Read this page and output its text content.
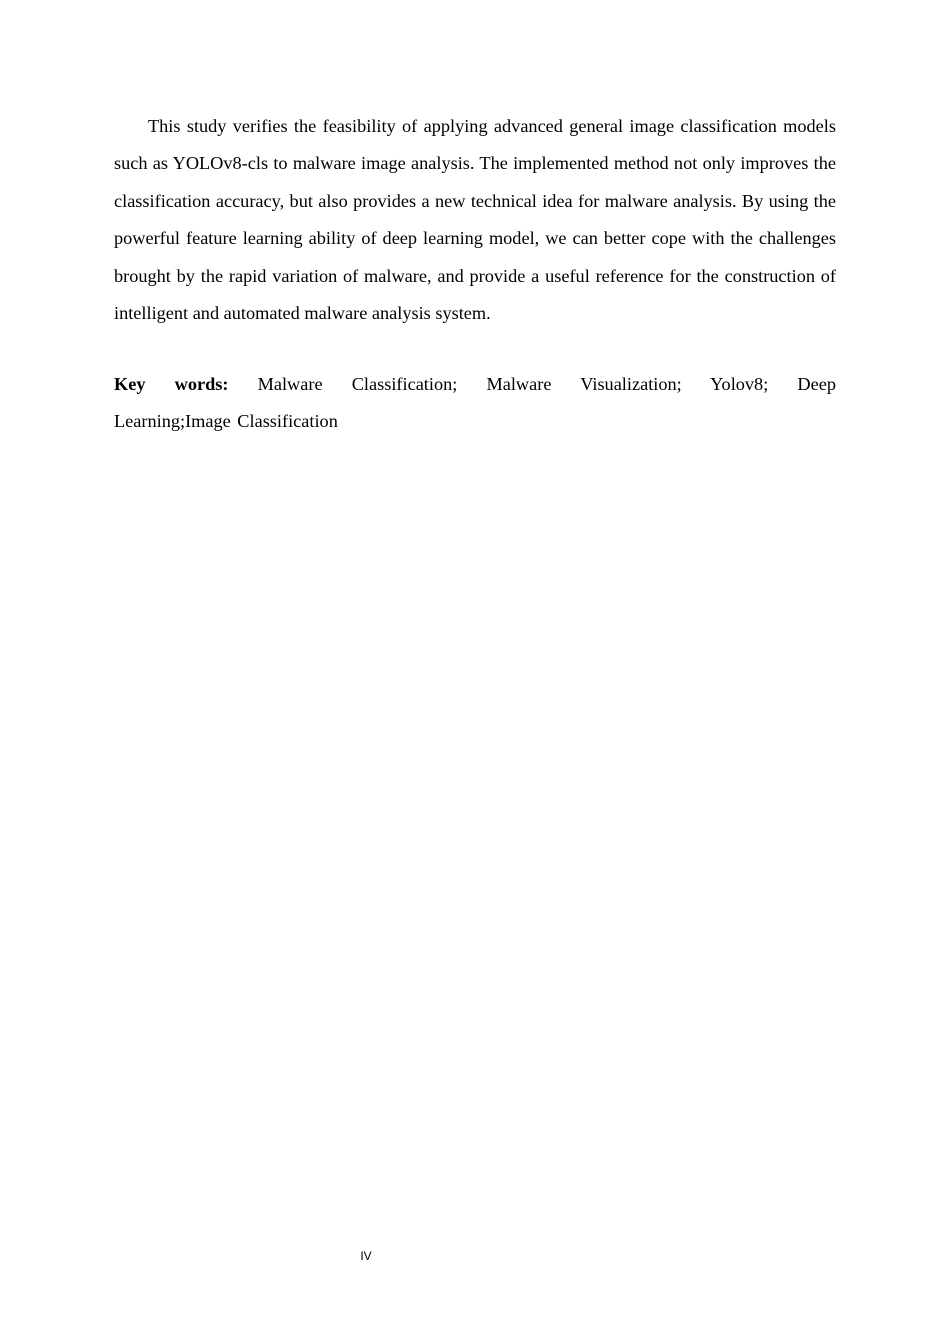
This study verifies the feasibility of applying advanced general image classification models such as YOLOv8-cls to malware image analysis. The implemented method not only improves the classification accuracy, but also provides a new technical idea for malware analysis. By using the powerful feature learning ability of deep learning model, we can better cope with the challenges brought by the rapid variation of malware, and provide a useful reference for the construction of intelligent and automated malware analysis system.

Key words: Malware Classification; Malware Visualization; Yolov8; Deep Learning;Image Classification

IV
